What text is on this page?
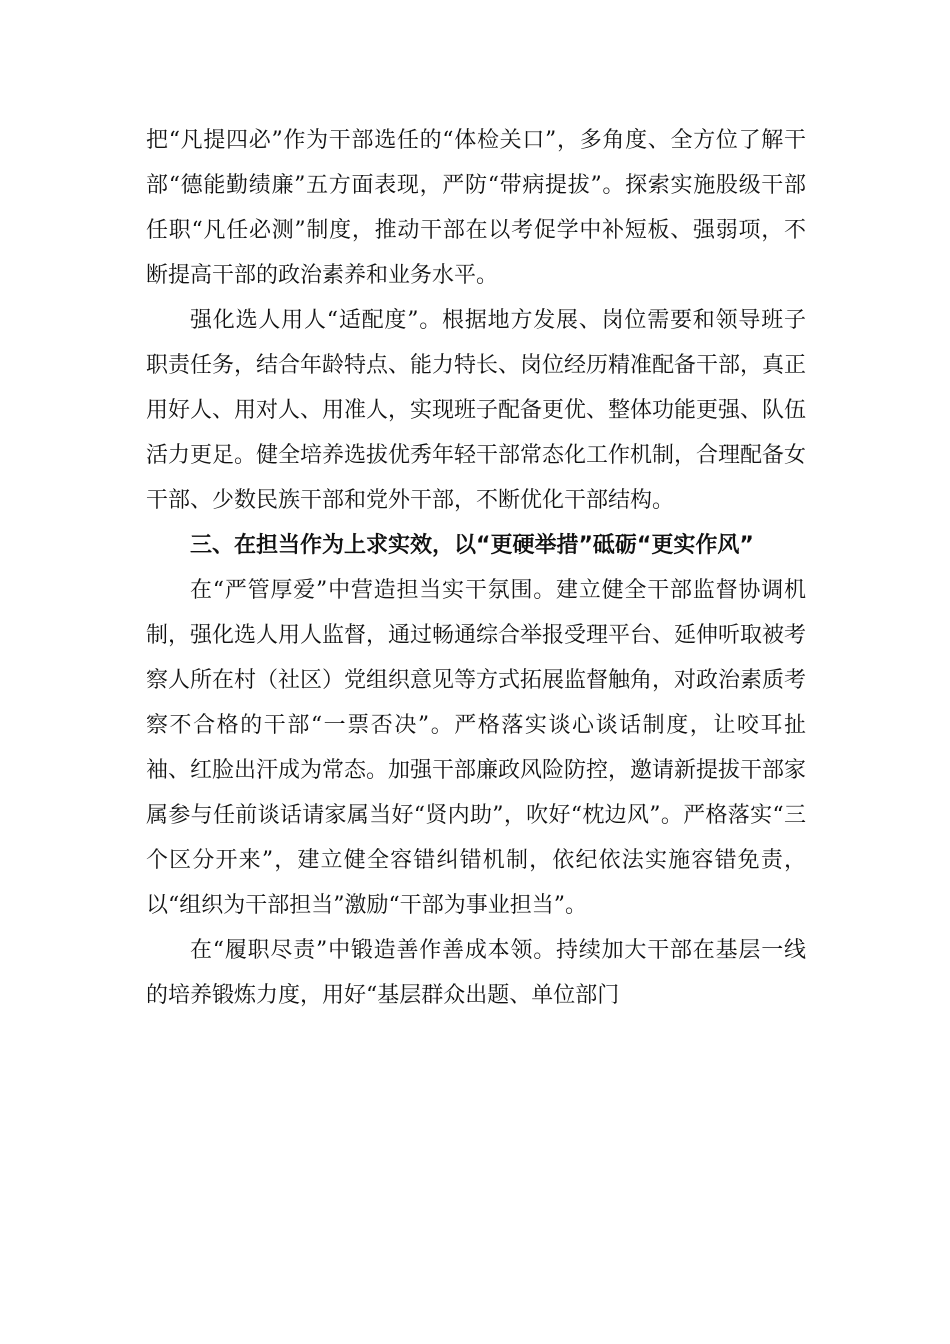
把“凡提四必”作为干部选任的“体检关口”，多角度、全方位了解干部“德能勤绩廉”五方面表现，严防“带病提拔”。探索实施股级干部任职“凡任必测”制度，推动干部在以考促学中补短板、强弱项，不断提高干部的政治素养和业务水平。

强化选人用人“适配度”。根据地方发展、岗位需要和领导班子职责任务，结合年龄特点、能力特长、岗位经历精准配备干部，真正用好人、用对人、用准人，实现班子配备更优、整体功能更强、队伍活力更足。健全培养选拔优秀年轻干部常态化工作机制，合理配备女干部、少数民族干部和党外干部，不断优化干部结构。

三、在担当作为上求实效，以“更硬举措”砥砺“更实作风”

在“严管厚爱”中营造担当实干氛围。建立健全干部监督协调机制，强化选人用人监督，通过畅通综合举报受理平台、延伸听取被考察人所在村（社区）党组织意见等方式拓展监督触角，对政治素质考察不合格的干部“一票否决”。严格落实谈心谈话制度，让咬耳扯袖、红脸出汗成为常态。加强干部廉政风险防控，邀请新提拔干部家属参与任前谈话请家属当好“贤内助”，吹好“枕边风”。严格落实“三个区分开来”，建立健全容错纠错机制，依纪依法实施容错免责，以“组织为干部担当”激励“干部为事业担当”。

在“履职尽责”中锻造善作善成本领。持续加大干部在基层一线的培养锻炼力度，用好“基层群众出题、单位部门
